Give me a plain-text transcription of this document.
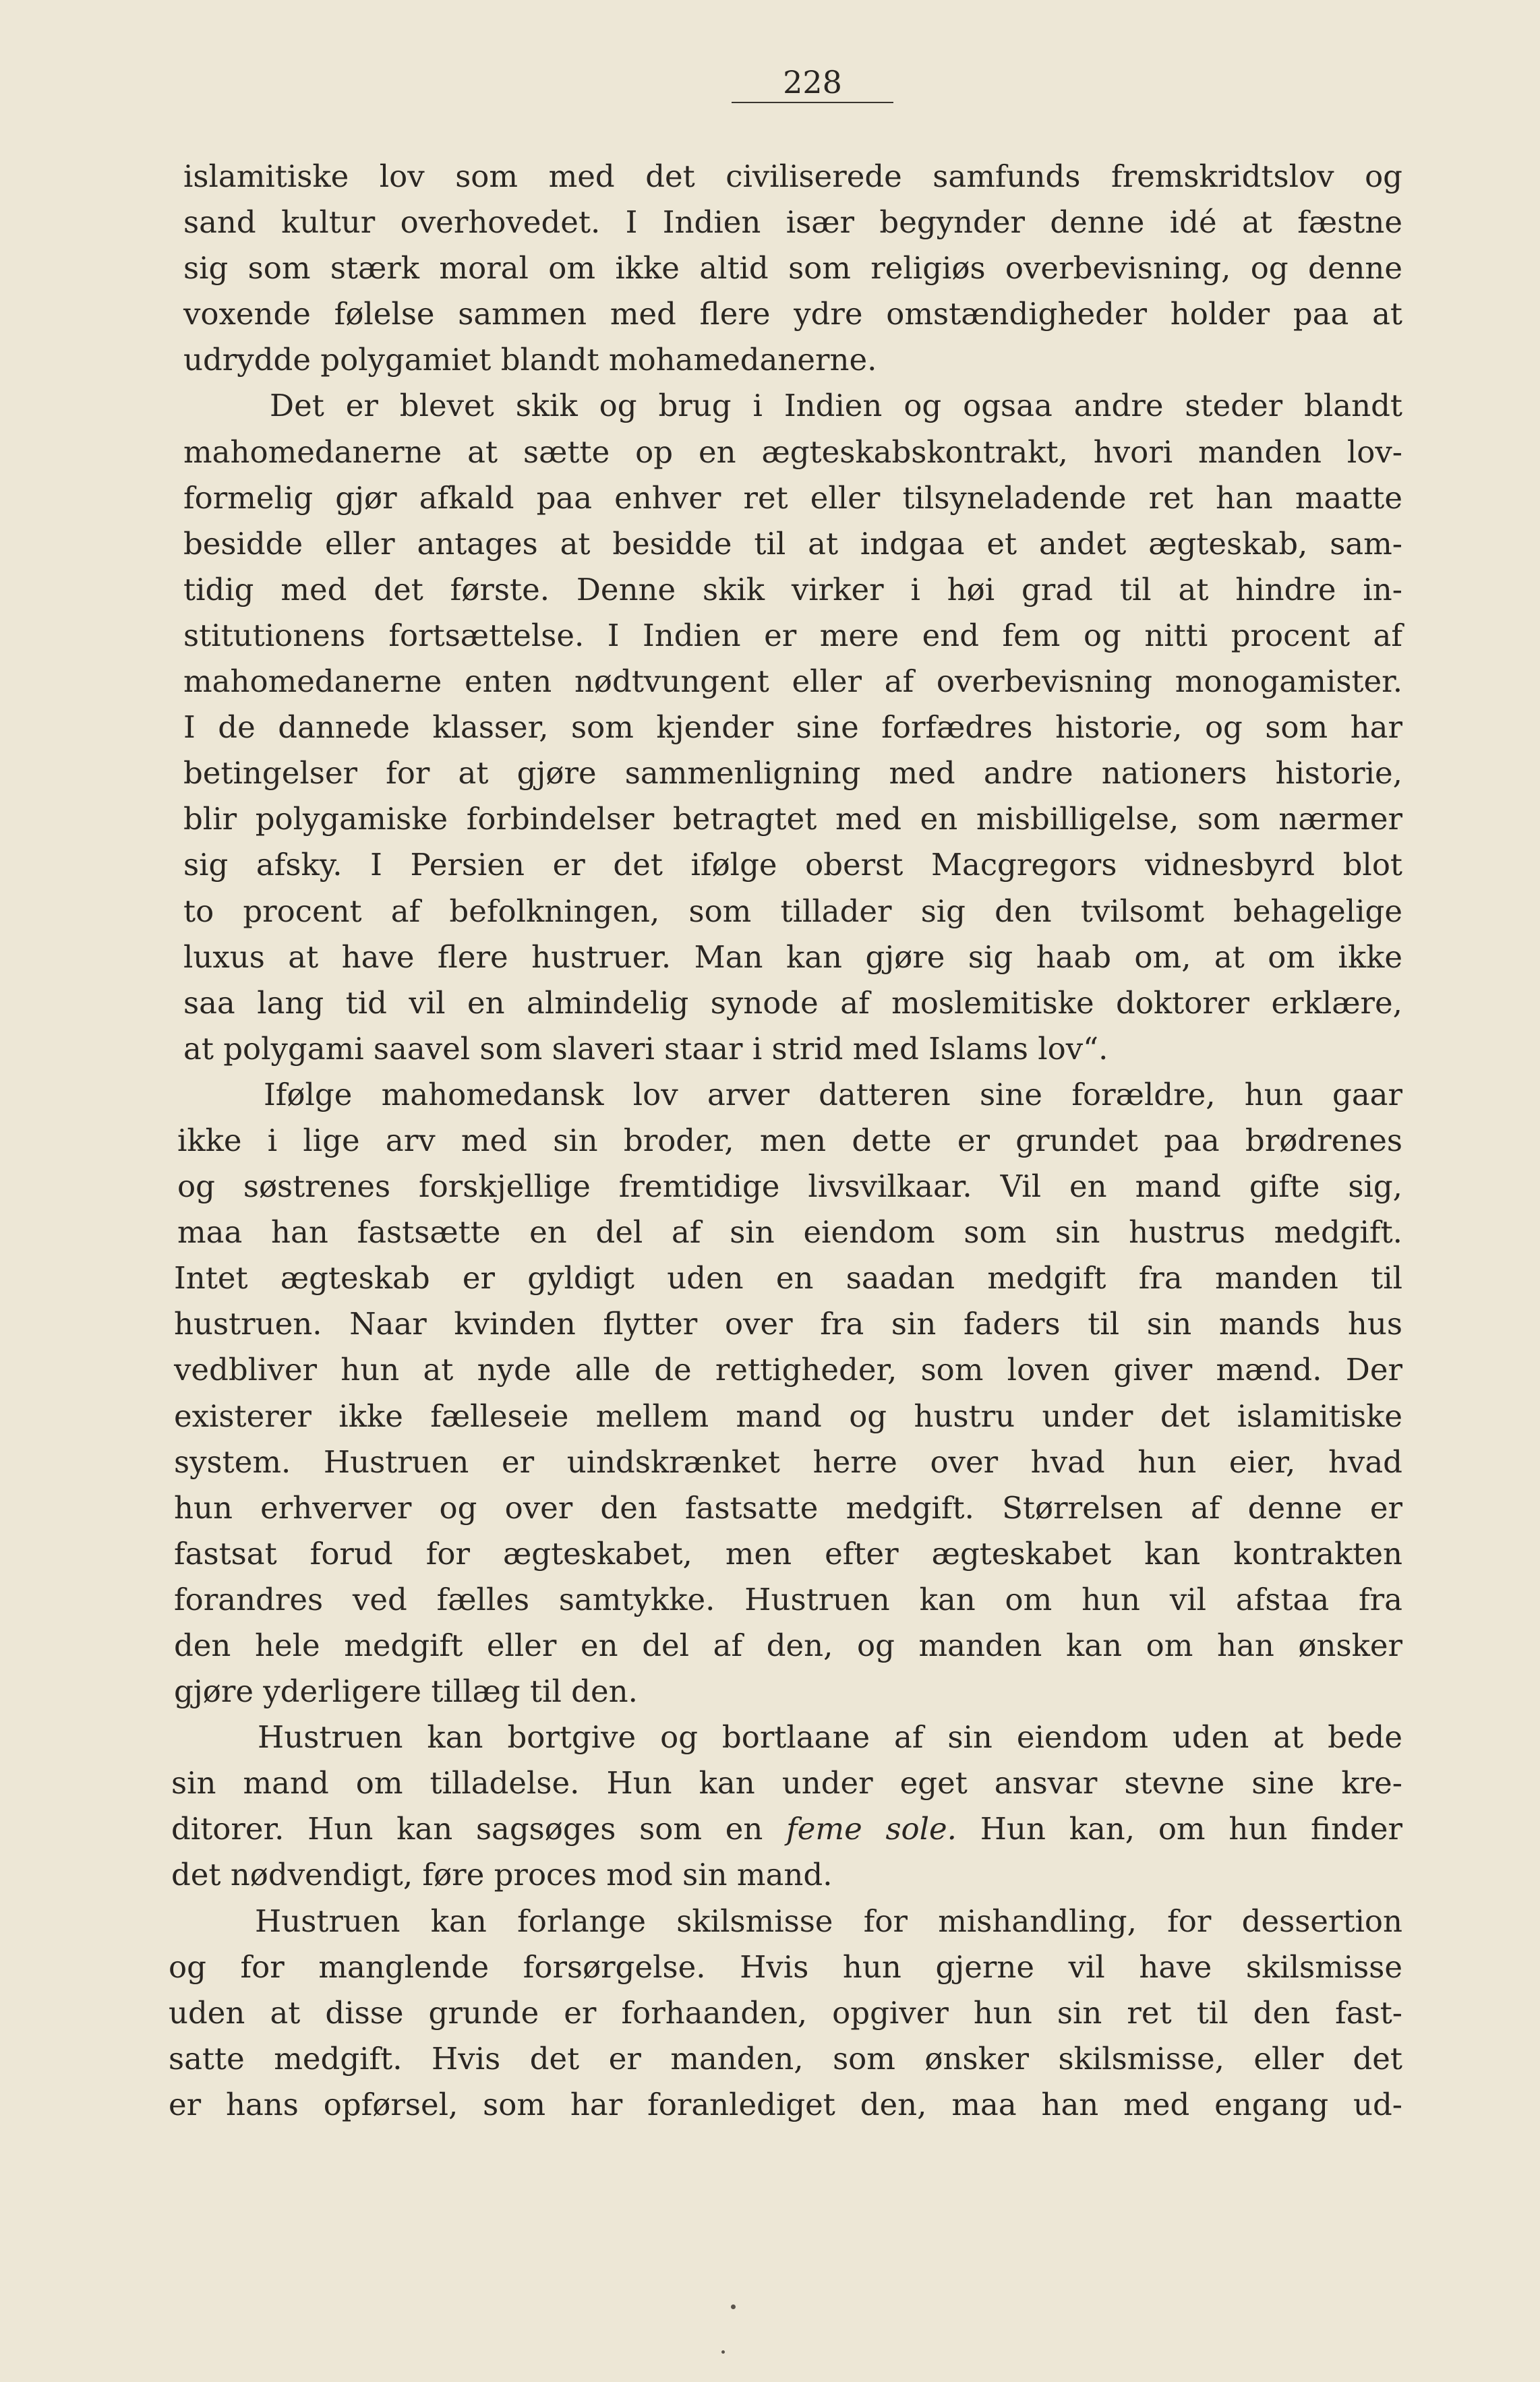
228
islamitiske lov som med det civiliserede samfunds fremskridtslov og
sand kultur overhovedet. I Indien især begynder denne idé at fæstne
sig som stærk moral om ikke altid som religiøs overbevisning, og denne
voxende følelse sammen med flere ydre omstændigheder holder paa at
udrydde polygamiet blandt mohamedanerne.
Det er blevet skik og brug i Indien og ogsaa andre steder blandt
mahomedanerne at sætte op en ægteskabskontrakt, hvori manden lov-
formelig gjør afkald paa enhver ret eller tilsyneladende ret han maatte
besidde eller antages at besidde til at indgaa et andet ægteskab, sam-
tidig med det første. Denne skik virker i høi grad til at hindre in-
stitutionens fortsættelse. I Indien er mere end fem og nitti procent af
mahomedanerne enten nødtvungent eller af overbevisning monogamister.
I de dannede klasser, som kjender sine forfædres historie, og som har
betingelser for at gjøre sammenligning med andre nationers historie,
blir polygamiske forbindelser betragtet med en misbilligelse, som nærmer
sig afsky. I Persien er det ifølge oberst Macgregors vidnesbyrd blot
to procent af befolkningen, som tillader sig den tvilsomt behagelige
luxus at have flere hustruer. Man kan gjøre sig haab om, at om ikke
saa lang tid vil en almindelig synode af moslemitiske doktorer erklære,
at polygami saavel som slaveri staar i strid med Islams lov“.
Ifølge mahomedansk lov arver datteren sine forældre, hun gaar
ikke i lige arv med sin broder, men dette er grundet paa brødrenes
og søstrenes forskjellige fremtidige livsvilkaar. Vil en mand gifte sig,
maa han fastsætte en del af sin eiendom som sin hustrus medgift.
Intet ægteskab er gyldigt uden en saadan medgift fra manden til
hustruen. Naar kvinden flytter over fra sin faders til sin mands hus
vedbliver hun at nyde alle de rettigheder, som loven giver mænd. Der
existerer ikke fælleseie mellem mand og hustru under det islamitiske
system. Hustruen er uindskrænket herre over hvad hun eier, hvad
hun erhverver og over den fastsatte medgift. Størrelsen af denne er
fastsat forud for ægteskabet, men efter ægteskabet kan kontrakten
forandres ved fælles samtykke. Hustruen kan om hun vil afstaa fra
den hele medgift eller en del af den, og manden kan om han ønsker
gjøre yderligere tillæg til den.
Hustruen kan bortgive og bortlaane af sin eiendom uden at bede
sin mand om tilladelse. Hun kan under eget ansvar stevne sine kre-
ditorer. Hun kan sagsøges som en feme sole. Hun kan, om hun finder
det nødvendigt, føre proces mod sin mand.
Hustruen kan forlange skilsmisse for mishandling, for dessertion
og for manglende forsørgelse. Hvis hun gjerne vil have skilsmisse
uden at disse grunde er forhaanden, opgiver hun sin ret til den fast-
satte medgift. Hvis det er manden, som ønsker skilsmisse, eller det
er hans opførsel, som har foranlediget den, maa han med engang ud-
